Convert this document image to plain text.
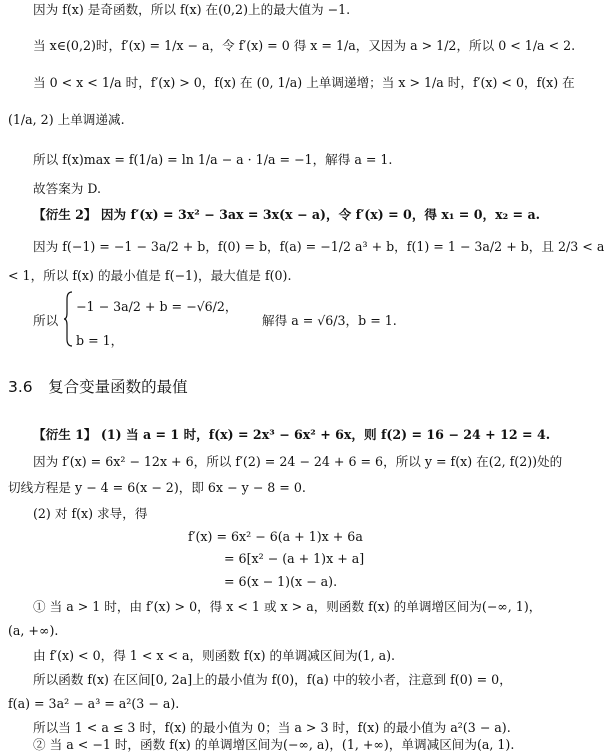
因为 f(x) 是奇函数，所以 f(x) 在(0,2)上的最大值为 −1.
当 x∈(0,2)时，f′(x) = 1/x − a，令 f′(x) = 0 得 x = 1/a，又因为 a > 1/2，所以 0 < 1/a < 2.
当 0 < x < 1/a 时，f′(x) > 0，f(x) 在 (0, 1/a) 上单调递增；当 x > 1/a 时，f′(x) < 0，f(x) 在
(1/a, 2) 上单调递减.
所以 f(x)max = f(1/a) = ln 1/a − a · 1/a = −1，解得 a = 1.
故答案为 D.
【衍生 2】 因为 f′(x) = 3x² − 3ax = 3x(x − a)，令 f′(x) = 0，得 x₁ = 0，x₂ = a.
因为 f(−1) = −1 − 3a/2 + b，f(0) = b，f(a) = −1/2 a³ + b，f(1) = 1 − 3a/2 + b，且 2/3 < a
< 1，所以 f(x) 的最小值是 f(−1)，最大值是 f(0).
所以
−1 − 3a/2 + b = −√6/2，
解得 a = √6/3，b = 1.
b = 1，
3.6　复合变量函数的最值
【衍生 1】 (1) 当 a = 1 时，f(x) = 2x³ − 6x² + 6x，则 f(2) = 16 − 24 + 12 = 4.
因为 f′(x) = 6x² − 12x + 6，所以 f′(2) = 24 − 24 + 6 = 6，所以 y = f(x) 在(2, f(2))处的
切线方程是 y − 4 = 6(x − 2)，即 6x − y − 8 = 0.
(2) 对 f(x) 求导，得
f′(x) = 6x² − 6(a + 1)x + 6a
= 6[x² − (a + 1)x + a]
= 6(x − 1)(x − a).
① 当 a > 1 时，由 f′(x) > 0，得 x < 1 或 x > a，则函数 f(x) 的单调增区间为(−∞, 1)，
(a, +∞).
由 f′(x) < 0，得 1 < x < a，则函数 f(x) 的单调减区间为(1, a).
所以函数 f(x) 在区间[0, 2a]上的最小值为 f(0)，f(a) 中的较小者，注意到 f(0) = 0，
f(a) = 3a² − a³ = a²(3 − a).
所以当 1 < a ≤ 3 时，f(x) 的最小值为 0；当 a > 3 时，f(x) 的最小值为 a²(3 − a).
② 当 a < −1 时，函数 f(x) 的单调增区间为(−∞, a)，(1, +∞)，单调减区间为(a, 1).
